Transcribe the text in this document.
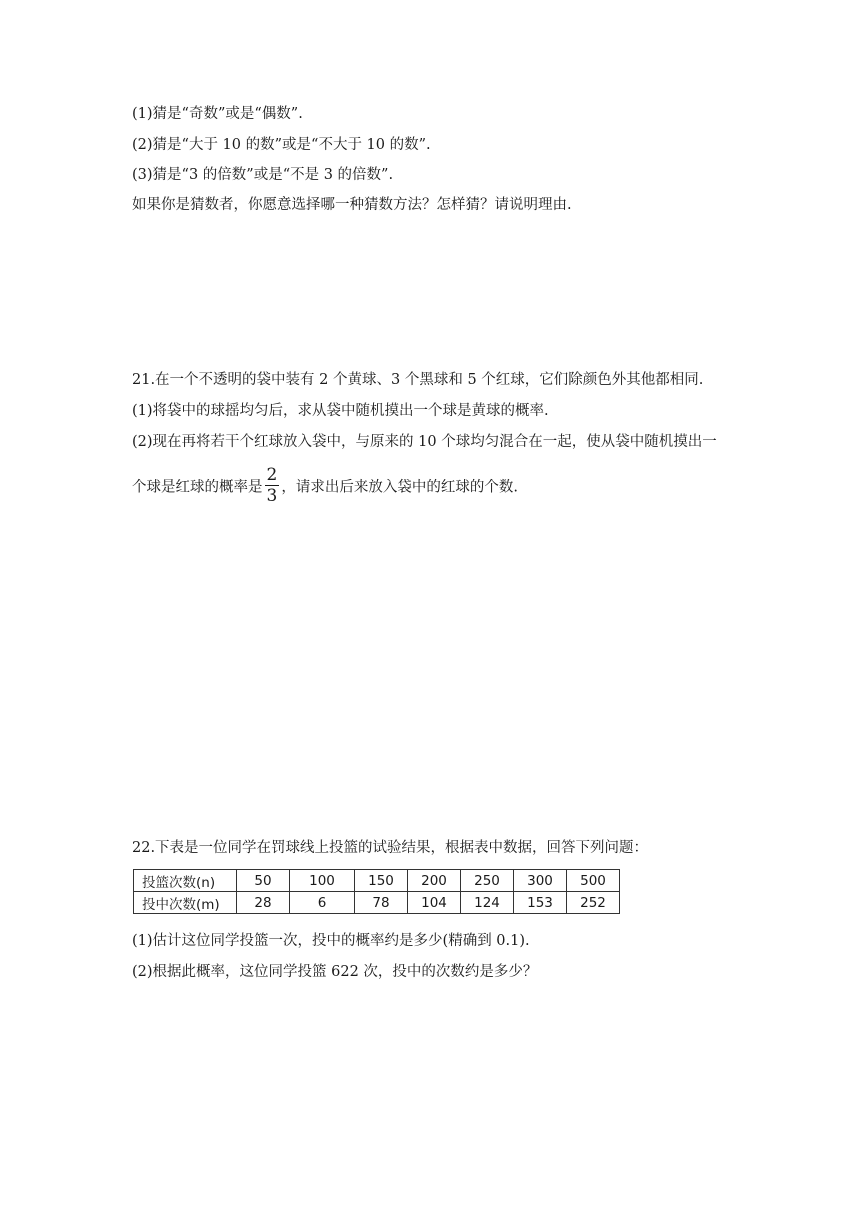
(1)猜是“奇数”或是“偶数”.
(2)猜是“大于 10 的数”或是“不大于 10 的数”.
(3)猜是“3 的倍数”或是“不是 3 的倍数”.
如果你是猜数者，你愿意选择哪一种猜数方法？怎样猜？请说明理由.
21.在一个不透明的袋中装有 2 个黄球、3 个黑球和 5 个红球，它们除颜色外其他都相同.
(1)将袋中的球摇均匀后，求从袋中随机摸出一个球是黄球的概率.
(2)现在再将若干个红球放入袋中，与原来的 10 个球均匀混合在一起，使从袋中随机摸出一
个球是红球的概率是 $\frac{2}{3}$ ，请求出后来放入袋中的红球的个数.
22.下表是一位同学在罚球线上投篮的试验结果，根据表中数据，回答下列问题：
投篮次数(n)	50	100	150	200	250	300	500
投中次数(m)	28	6	78	104	124	153	252
(1)估计这位同学投篮一次，投中的概率约是多少(精确到 0.1).
(2)根据此概率，这位同学投篮 622 次，投中的次数约是多少？
